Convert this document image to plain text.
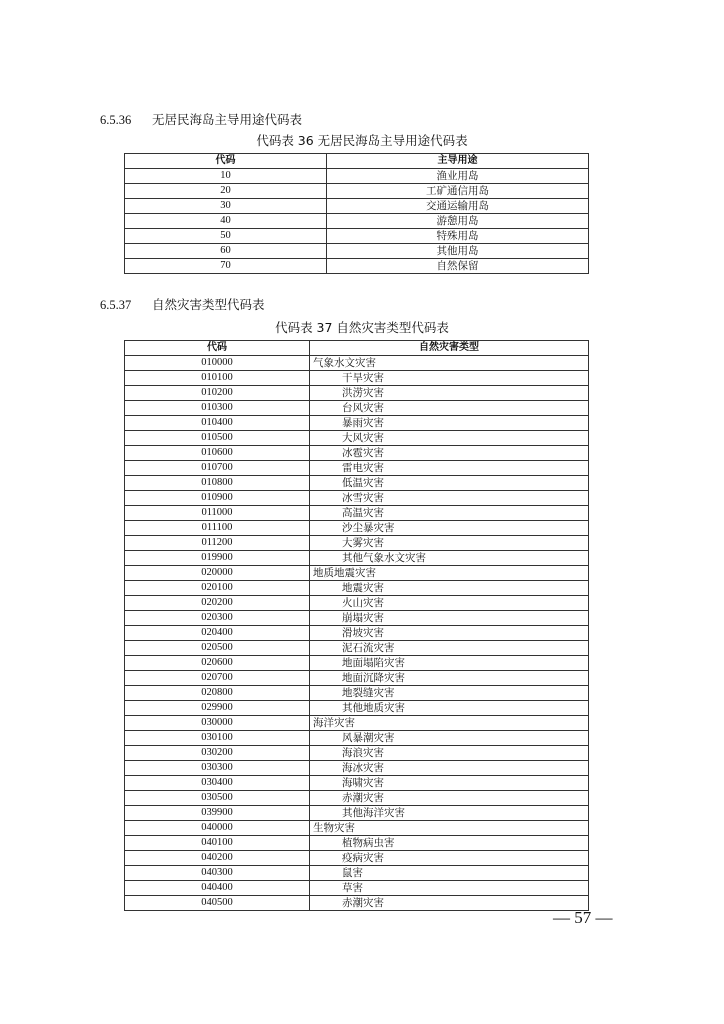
6.5.36 无居民海岛主导用途代码表
代码表 36 无居民海岛主导用途代码表
代码	主导用途
10	渔业用岛
20	工矿通信用岛
30	交通运输用岛
40	游憩用岛
50	特殊用岛
60	其他用岛
70	自然保留
6.5.37 自然灾害类型代码表
代码表 37 自然灾害类型代码表
代码	自然灾害类型
010000	气象水文灾害
010100	干旱灾害
010200	洪涝灾害
010300	台风灾害
010400	暴雨灾害
010500	大风灾害
010600	冰雹灾害
010700	雷电灾害
010800	低温灾害
010900	冰雪灾害
011000	高温灾害
011100	沙尘暴灾害
011200	大雾灾害
019900	其他气象水文灾害
020000	地质地震灾害
020100	地震灾害
020200	火山灾害
020300	崩塌灾害
020400	滑坡灾害
020500	泥石流灾害
020600	地面塌陷灾害
020700	地面沉降灾害
020800	地裂缝灾害
029900	其他地质灾害
030000	海洋灾害
030100	风暴潮灾害
030200	海浪灾害
030300	海冰灾害
030400	海啸灾害
030500	赤潮灾害
039900	其他海洋灾害
040000	生物灾害
040100	植物病虫害
040200	疫病灾害
040300	鼠害
040400	草害
040500	赤潮灾害
— 57 —
